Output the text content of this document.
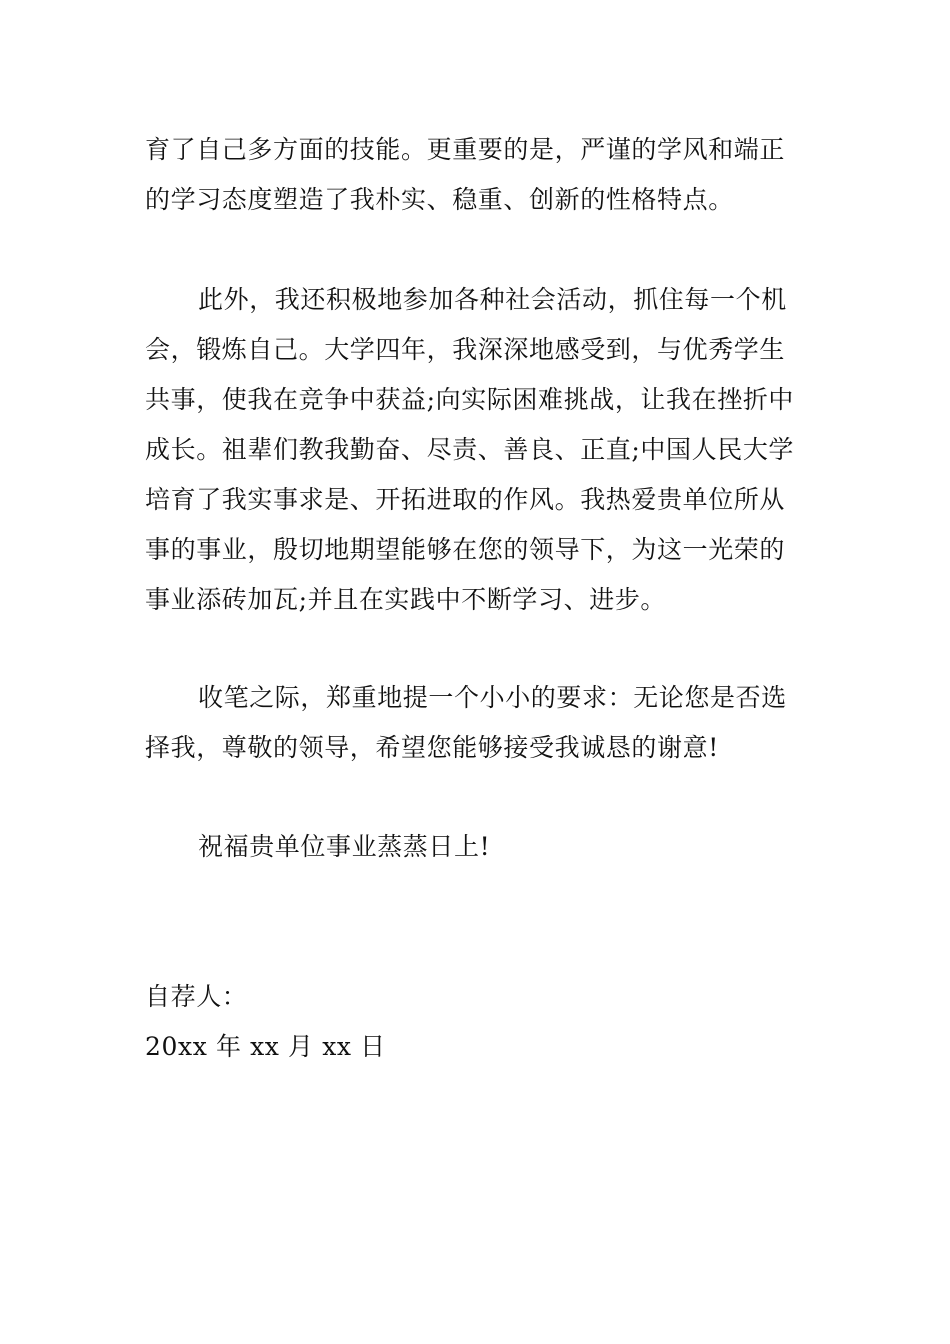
育了自己多方面的技能。更重要的是，严谨的学风和端正
的学习态度塑造了我朴实、稳重、创新的性格特点。
此外，我还积极地参加各种社会活动，抓住每一个机
会，锻炼自己。大学四年，我深深地感受到，与优秀学生
共事，使我在竞争中获益;向实际困难挑战，让我在挫折中
成长。祖辈们教我勤奋、尽责、善良、正直;中国人民大学
培育了我实事求是、开拓进取的作风。我热爱贵单位所从
事的事业，殷切地期望能够在您的领导下，为这一光荣的
事业添砖加瓦;并且在实践中不断学习、进步。
收笔之际，郑重地提一个小小的要求：无论您是否选
择我，尊敬的领导，希望您能够接受我诚恳的谢意!
祝福贵单位事业蒸蒸日上!
自荐人：
20xx 年 xx 月 xx 日
